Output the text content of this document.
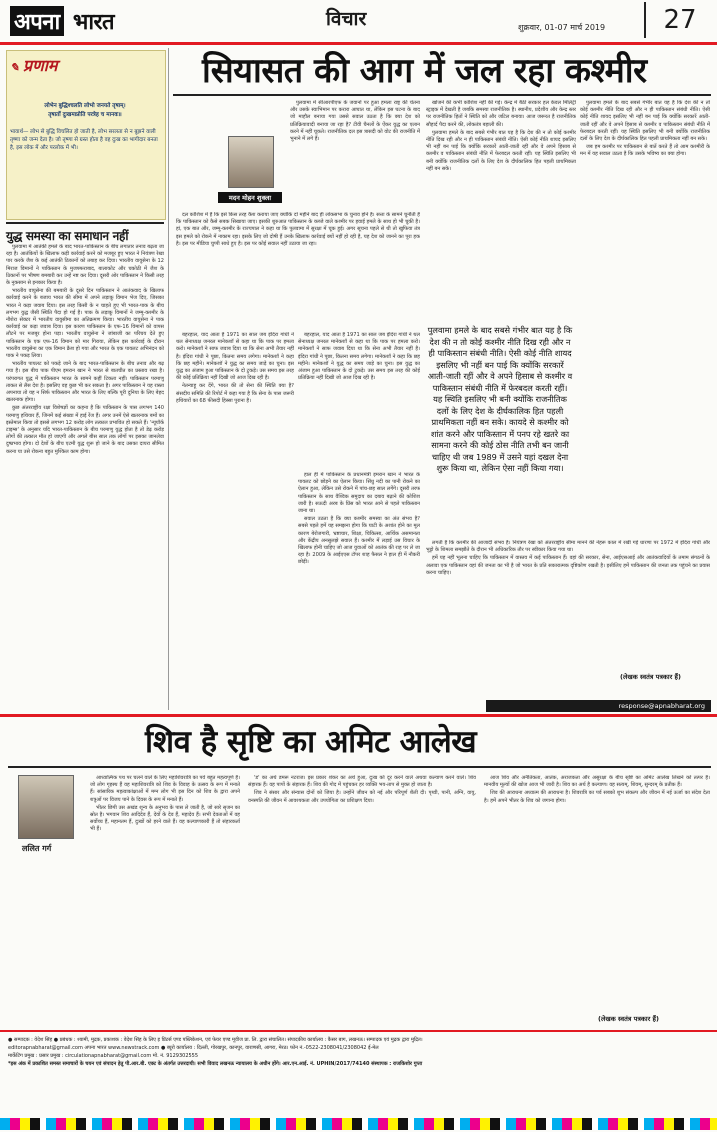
अपना भारत	विचार	शुक्रवार, 01-07 मार्च 2019	27
✎ प्रणाम
लोभेन बुद्धिश्चलति लोभो जनयते तृषाम्।
तृषार्तो दुःखमाप्नोति परत्रेह च मानवः॥
भावार्थ— लोभ से बुद्धि विचलित हो जाती है, लोभ सरलता से न बुझने वाली तृष्णा को जन्म देता है। जो तृष्णा से ग्रस्त होता है वह दुःख का भागीदार बनता है, इस लोक में और परलोक में भी।
युद्ध समस्या का समाधान नहीं

पुलवामा में आतंकी हमले के बाद भारत-पाकिस्तान के बीच लगातार तनाव बढ़ता जा रहा है। आतंकियों के खिलाफ कड़ी कार्रवाई करने को मजबूर हुए भारत ने नियंत्रण रेखा पार करके जैश के कई आतंकी ठिकानों को तबाह कर दिया। भारतीय वायुसेना के 12 मिराज विमानों ने पाकिस्तान के मुजफ्फराबाद, बालाकोट और चकोठी में जैश के ठिकानों पर भीषण बमबारी कर उन्हें नष्ट कर दिया। दूसरी ओर पाकिस्तान ने किसी तरह के नुकसान से इनकार किया है।

भारतीय वायुसेना की बमबारी के दूसरे दिन पाकिस्तान ने आतंकवाद के खिलाफ कार्रवाई करने के बजाय भारत की सीमा में अपने लड़ाकू विमान भेज दिए, जिसका भारत ने कड़ा जवाब दिया। इस तरह किसी के न चाहते हुए भी भारत-पाक के बीच लगभग युद्ध जैसी स्थिति पैदा हो गई है। पाक के लड़ाकू विमानों ने जम्मू-कश्मीर के नौशेरा सेक्टर में भारतीय वायुसीमा का अतिक्रमण किया। भारतीय वायुसेना ने पाक कार्रवाई का कड़ा जवाब दिया। इस कारण पाकिस्तान के एफ-16 विमानों को वापस लौटने पर मजबूर होना पड़ा। भारतीय वायुसेना ने जांबाजी का परिचय देते हुए पाकिस्तान के एक एफ-16 विमान को मार गिराया, लेकिन इस कार्रवाई के दौरान भारतीय वायुसेना का एक विमान क्रैश हो गया और भारत के एक पायलट अभिनंदन को पाक ने पकड़ लिया।

भारतीय पायलट को पकड़े जाने के बाद भारत-पाकिस्तान के बीच तनाव और बढ़ गया है। इस बीच पाक पीएम इमरान खान ने भारत से बातचीत का प्रस्ताव रखा है। परंपरागत युद्ध में पाकिस्तान भारत के सामने कहीं टिकता नहीं। पाकिस्तान परमाणु ताकत से लैस देश है। इसलिए वह कुछ भी कर सकता है। अगर पाकिस्तान ने यह रास्ता अपनाया तो यह न सिर्फ पाकिस्तान और भारत के लिए बल्कि पूरी दुनिया के लिए बेहद खतरनाक होगा।

कुछ अंतरराष्ट्रीय रक्षा विशेषज्ञों का कहना है कि पाकिस्तान के पास लगभग 140 परमाणु हथियार हैं, जिनमें कई संख्या में हाई रेंज हैं। अगर उनमें ऐसे खतरनाक बमों का इस्तेमाल किया तो इससे लगभग 12 करोड़ लोग तत्काल प्रभावित हो सकते हैं। 'न्यूयॉर्क टाइम्स' के अनुसार यदि भारत-पाकिस्तान के बीच परमाणु युद्ध होता है तो डेढ़ करोड़ लोगों की तत्काल मौत हो जाएगी और अगले बीस साल तक लोगों पर इसका जानलेवा दुष्प्रभाव होगा। दो देशों के बीच एटमी युद्ध शुरू हो जाने के बाद उसका दायरा सीमित करना या उसे रोकना बहुत मुश्किल काम होगा।

सियासत की आग में जल रहा कश्मीर
मदन मोहन शुक्ला

पुलवामा में सीआरपीएफ के जवानों पर हुआ हमला राष्ट्र की चेतना और उसके स्वाभिमान पर करारा आघात था, लेकिन इस घटना के बाद जो माहौल बनाया गया उससे सवाल उठता है कि क्या देश को प्रतिक्रियावादी बनाया जा रहा है? टीवी चैनलों के ऐंकर युद्ध का एलान करने में नहीं चूकते। राजनीतिक दल इस त्रासदी को वोट की राजनीति में भुनाने में लगे हैं।

दल कोशिश में हैं कि इसे किस तरह कैश कराया जाए क्योंकि दो महीने बाद ही लोकसभा के चुनाव होने हैं। सत्ता के सामने चुनौती है कि पाकिस्तान को कैसे सबक सिखाया जाए। इसकी शुरुआत पाकिस्तान के कब्जे वाले कश्मीर पर हवाई हमले के साथ हो भी चुकी है। हां, एक बात और, जम्मू-कश्मीर के राज्यपाल ने कहा था कि पुलवामा में सुरक्षा में चूक हुई। अगर सूचना पहले से थी तो खुफिया तंत्र इस हमले को रोकने में नाकाम रहा। इसके लिए जो दोषी हैं उनके खिलाफ कार्रवाई क्यों नहीं हो रही है, यह देश को जानने का पूरा हक है। इस पर मीडिया चुप्पी साधे हुए है। इस पर कोई सवाल नहीं उठाया जा रहा।

बहरहाल, याद आता है 1971 का साल जब इंदिरा गांधी ने थल सेनाध्यक्ष जनरल मानेकशॉ से कहा था कि पाक पर हमला करो। मानेकशॉ ने साफ जवाब दिया था कि सेना अभी तैयार नहीं है। इंदिरा गांधी ने पूछा, कितना समय लगेगा। मानेकशॉ ने कहा कि छह महीने। मानेकशॉ ने युद्ध का समय जाड़े का चुना। इस युद्ध का अंजाम हुआ पाकिस्तान के दो टुकड़े। उस समय इस तरह की कोई प्रतिक्रिया नहीं दिखी जो आज दिख रही है।

बहरहाल, याद आता है 1971 का साल जब इंदिरा गांधी ने थल सेनाध्यक्ष जनरल मानेकशॉ से कहा था कि पाक पर हमला करो। मानेकशॉ ने साफ जवाब दिया था कि सेना अभी तैयार नहीं है। इंदिरा गांधी ने पूछा, कितना समय लगेगा। मानेकशॉ ने कहा कि छह महीने। मानेकशॉ ने युद्ध का समय जाड़े का चुना। इस युद्ध का अंजाम हुआ पाकिस्तान के दो टुकड़े। उस समय इस तरह की कोई प्रतिक्रिया नहीं दिखी जो आज दिख रही है।

नेतन्याहू कर देंगे, भारत की तो सेना की स्थिति क्या है? संसदीय समिति की रिपोर्ट में कहा गया है कि सेना के पास जरूरी हथियारों का 68 फीसदी हिस्सा पुराना है।

हाल ही में पाकिस्तान के प्रधानमंत्री इमरान खान ने भारत के पायलट को छोड़ने का ऐलान किया। सिंधु नदी का पानी रोकने का ऐलान हुआ, लेकिन उसे रोकने में पांच-छह साल लगेंगे। दूसरी तरफ पाकिस्तान के साथ वैश्विक समुदाय का दबाव बढ़ाने की कोशिश जारी है। सऊदी अरब के प्रिंस को भारत आने से पहले पाकिस्तान जाना था।

सवाल उठता है कि क्या कश्मीर समस्या का अंत संभव है? सबसे पहले हमें यह समझना होगा कि घाटी के अशांत होने का मूल कारण बेरोजगारी, भ्रष्टाचार, शिक्षा, चिकित्सा, आर्थिक असमानता और केंद्रीय अनसुलझे सवाल हैं। कश्मीर में लड़ाई उस विचार के खिलाफ होनी चाहिए जो आज युवाओं को आतंक की राह पर ले जा रहा है। 2009 के आईएएस टॉपर शाह फैसल ने हाल ही में नौकरी छोड़ी।

पुलवामा हमले के बाद सबसे गंभीर बात यह है कि देश की न तो कोई कश्मीर नीति दिख रही और न ही पाकिस्तान संबंधी नीति। ऐसी कोई नीति शायद इसलिए भी नहीं बन पाई कि क्योंकि सरकारें आती-जाती रहीं और वे अपने हिसाब से कश्मीर व पाकिस्तान संबंधी नीति में फेरबदल करती रहीं। यह स्थिति इसलिए भी बनी क्योंकि राजनीतिक दलों के लिए देश के दीर्घकालिक हित पहली प्राथमिकता नहीं बन सके। कायदे से कश्मीर को शांत करने और पाकिस्तान में पनप रहे खतरे का सामना करने की कोई ठोस नीति तभी बन जानी चाहिए थी जब 1989 में उसने यहां दखल देना शुरू किया था, लेकिन ऐसा नहीं किया गया।

खोजने की कभी कोशिश नहीं की गई। केन्द्र में बैठी सरकार हल केवल मिलिट्री स्ट्राइक में देखती है जबकि समस्या राजनीतिक है। स्थानीय, प्रदेशीय और केन्द्र स्तर पर राजनीतिक हितों ने स्थिति को और जटिल बनाया। आज जरूरत है राजनीतिक सौहार्द पैदा करने की, लोकतंत्र बहाली की।

पुलवामा हमले के बाद सबसे गंभीर बात यह है कि देश की न तो कोई कश्मीर नीति दिख रही और न ही पाकिस्तान संबंधी नीति। ऐसी कोई नीति शायद इसलिए भी नहीं बन पाई कि क्योंकि सरकारें आती-जाती रहीं और वे अपने हिसाब से कश्मीर व पाकिस्तान संबंधी नीति में फेरबदल करती रहीं। यह स्थिति इसलिए भी बनी क्योंकि राजनीतिक दलों के लिए देश के दीर्घकालिक हित पहली प्राथमिकता नहीं बन सके।

पुलवामा हमले के बाद सबसे गंभीर बात यह है कि देश की न तो कोई कश्मीर नीति दिख रही और न ही पाकिस्तान संबंधी नीति। ऐसी कोई नीति शायद इसलिए भी नहीं बन पाई कि क्योंकि सरकारें आती-जाती रहीं और वे अपने हिसाब से कश्मीर व पाकिस्तान संबंधी नीति में फेरबदल करती रहीं। यह स्थिति इसलिए भी बनी क्योंकि राजनीतिक दलों के लिए देश के दीर्घकालिक हित पहली प्राथमिकता नहीं बन सके।

जब हम कश्मीर पर पाकिस्तान से बातें करते हैं तो आम कश्मीरी के मन में यह सवाल उठता है कि उसके भविष्य का क्या होगा।

लगती है कि कश्मीर की आजादी संभव है। नियंत्रण रेखा को अंतरराष्ट्रीय सीमा मानने की नेहरू काल में रखी गई धारणा पर 1972 में इंदिरा गांधी और भुट्टो के शिमला समझौते के दौरान भी अधिकारिक तौर पर स्वीकार किया गया था।

हमें यह नहीं भूलना चाहिए कि पाकिस्तान में वास्तव में कई पाकिस्तान हैं। वहां की सरकार, सेना, आईएसआई और आतंकवादियों के तमाम संगठनों के अलावा एक पाकिस्तान वहां की जनता का भी है जो भारत के प्रति सकारात्मक दृष्टिकोण रखती है। इसीलिए हमें पाकिस्तान की जनता तक पहुंचने का प्रयास करना चाहिए।

(लेखक स्वतंत्र पत्रकार हैं)
response@apnabharat.org
शिव है सृष्टि का अमिट आलेख
ललित गर्ग

आध्यात्मिक पथ पर चलने वाले के लिए महाशिवरात्रि का पर्व बहुत महत्वपूर्ण है। जो लोग गृहस्थ हैं वह महाशिवरात्रि को शिव के विवाह के उत्सव के रूप में मनाते हैं। सांसारिक महत्वाकांक्षाओं में मग्न लोग भी इस दिन को शिव के द्वारा अपने शत्रुओं पर विजय पाने के दिवस के रूप में मनाते हैं।

भीतर छिपी उस अखंड शून्य के अनुभव के पास ले जाती है, जो सारे सृजन का स्रोत है। भगवान शिव आदिदेव हैं, देवों के देव हैं, महादेव हैं। सभी देवताओं में वह सर्वोच्च हैं, महानतम हैं, दुःखों को हरने वाले हैं। वह कल्याणकारी हैं तो संहारकर्ता भी हैं।

'ड' का अर्थ डमरू नटराज। इस प्रकार शंकर का अर्थ हुआ, दुःख को दूर करने वाले अथवा कल्याण करने वाले। शिव संहारक हैं। वह पापों के संहारक हैं। शिव की गोद में पहुंचकर हर व्यक्ति भय-ताप से मुक्त हो जाता है।

शिव ने संसार और संन्यास दोनों को जिया है। उन्होंने जीवन को नई और परिपूर्ण शैली दी। पृथ्वी, पानी, अग्नि, वायु, वनस्पति की जीवन में आवश्यकता और उपयोगिता का प्रशिक्षण दिया।

आज शिव और अनैतिकता, आतंक, अराजकता और असुरक्षा के बीच सृष्टि का अमिट आलेख लिखने को तत्पर हैं। मानवीय मूल्यों की खोज आज भी जारी है। शिव का अर्थ है कल्याण। वह सत्यम्, शिवम्, सुन्दरम् के प्रतीक हैं।

शिव की आराधना अध्यात्म की आराधना है। शिवरात्रि का पर्व सबको शुभ संकल्प और जीवन में नई ऊर्जा का संदेश देता है। हमें अपने भीतर के शिव को जगाना होगा।

(लेखक स्वतंत्र पत्रकार हैं)
● सम्पादक : वेदेश सिंह ● प्रबंधक : श्यामी, मुद्रक, प्रकाशक : वेदेश सिंह के लिए इ प्रिंटर्स एण्ड पब्लिकेशन, एवं फेयर एण्ड मूवीज प्रा. लि. द्वारा संचालित। संपादकीय कार्यालय : कैसर बाग, लखनऊ। सम्पादक एवं मुद्रक द्वारा मुद्रित।
editorapnabharat@gmail.com अपना भारत www.newstrack.com ● ब्यूरो कार्यालय : दिल्ली, गोरखपुर, कानपुर, वाराणसी, आगरा, मेरठ। फोन नं.-0522-2308041/2308042 ई-मेल
मार्केटिंग प्रमुख : प्रसार प्रमुख : circulationapnabharat@gmail.com मो. नं. 9129302555
*इस अंक में प्रकाशित समस्त समाचारों के चयन एवं संपादन हेतु पी.आर.बी. एक्ट के अंतर्गत उत्तरदायी। सभी विवाद लखनऊ न्यायालय के अधीन होंगे। आर.एन.आई. नं. UPHIN/2017/74140 संस्थापक : राजकिशोर गुप्ता
